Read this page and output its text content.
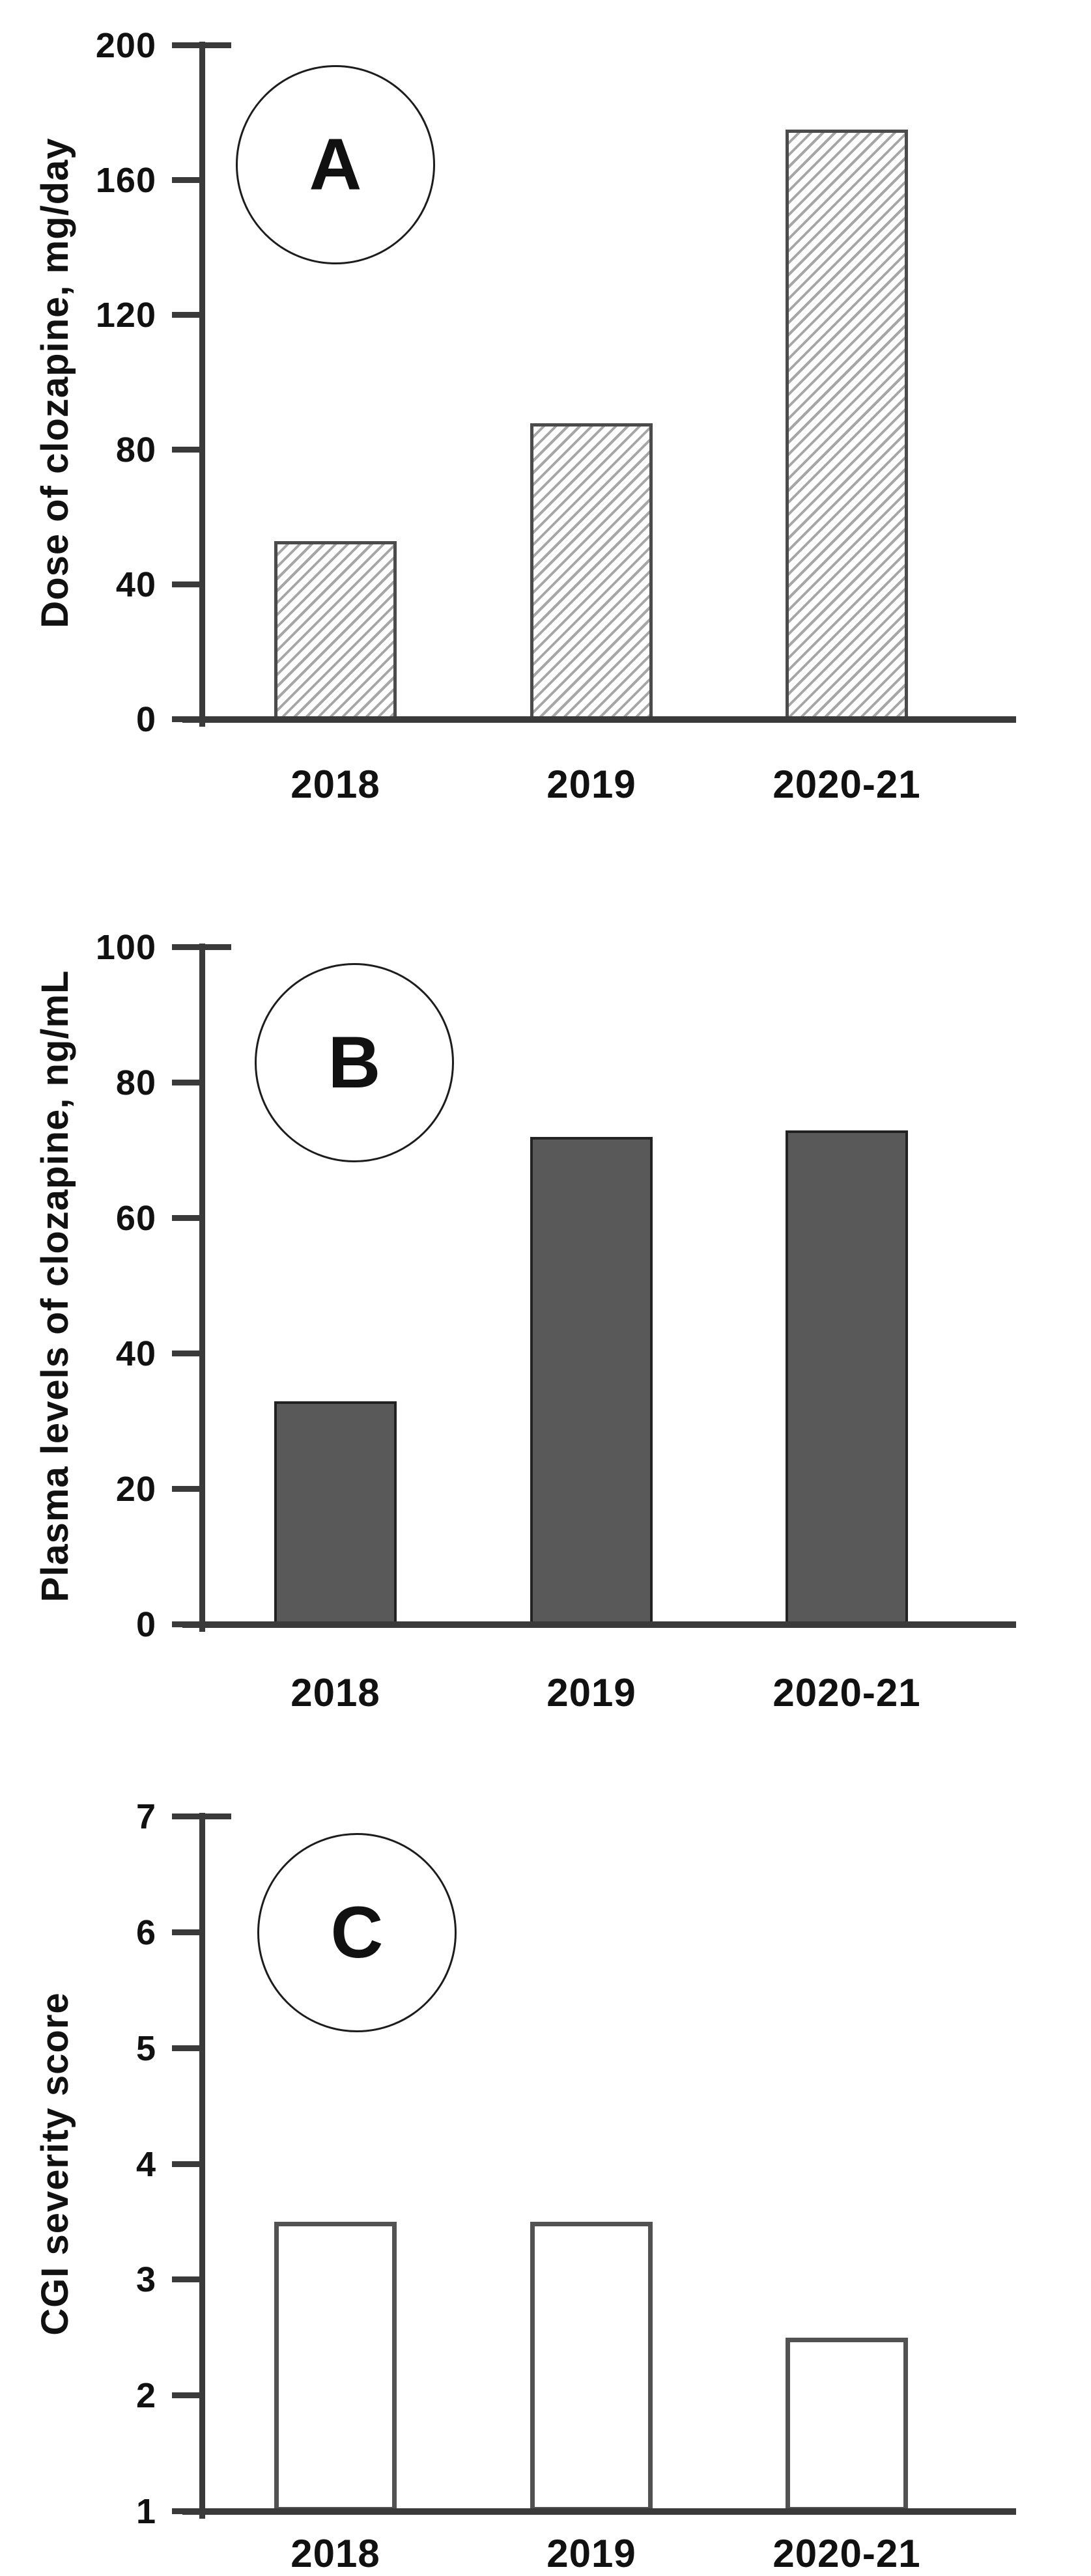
Dose of clozapine, mg/day	A
0
40
80
120
160
200
2018	2019	2020-21
Plasma levels of clozapine, ng/mL	B
0
20
40
60
80
100
2018	2019	2020-21
CGI severity score
C
1
2
3
4
5
6
7
2018	2019	2020-21
